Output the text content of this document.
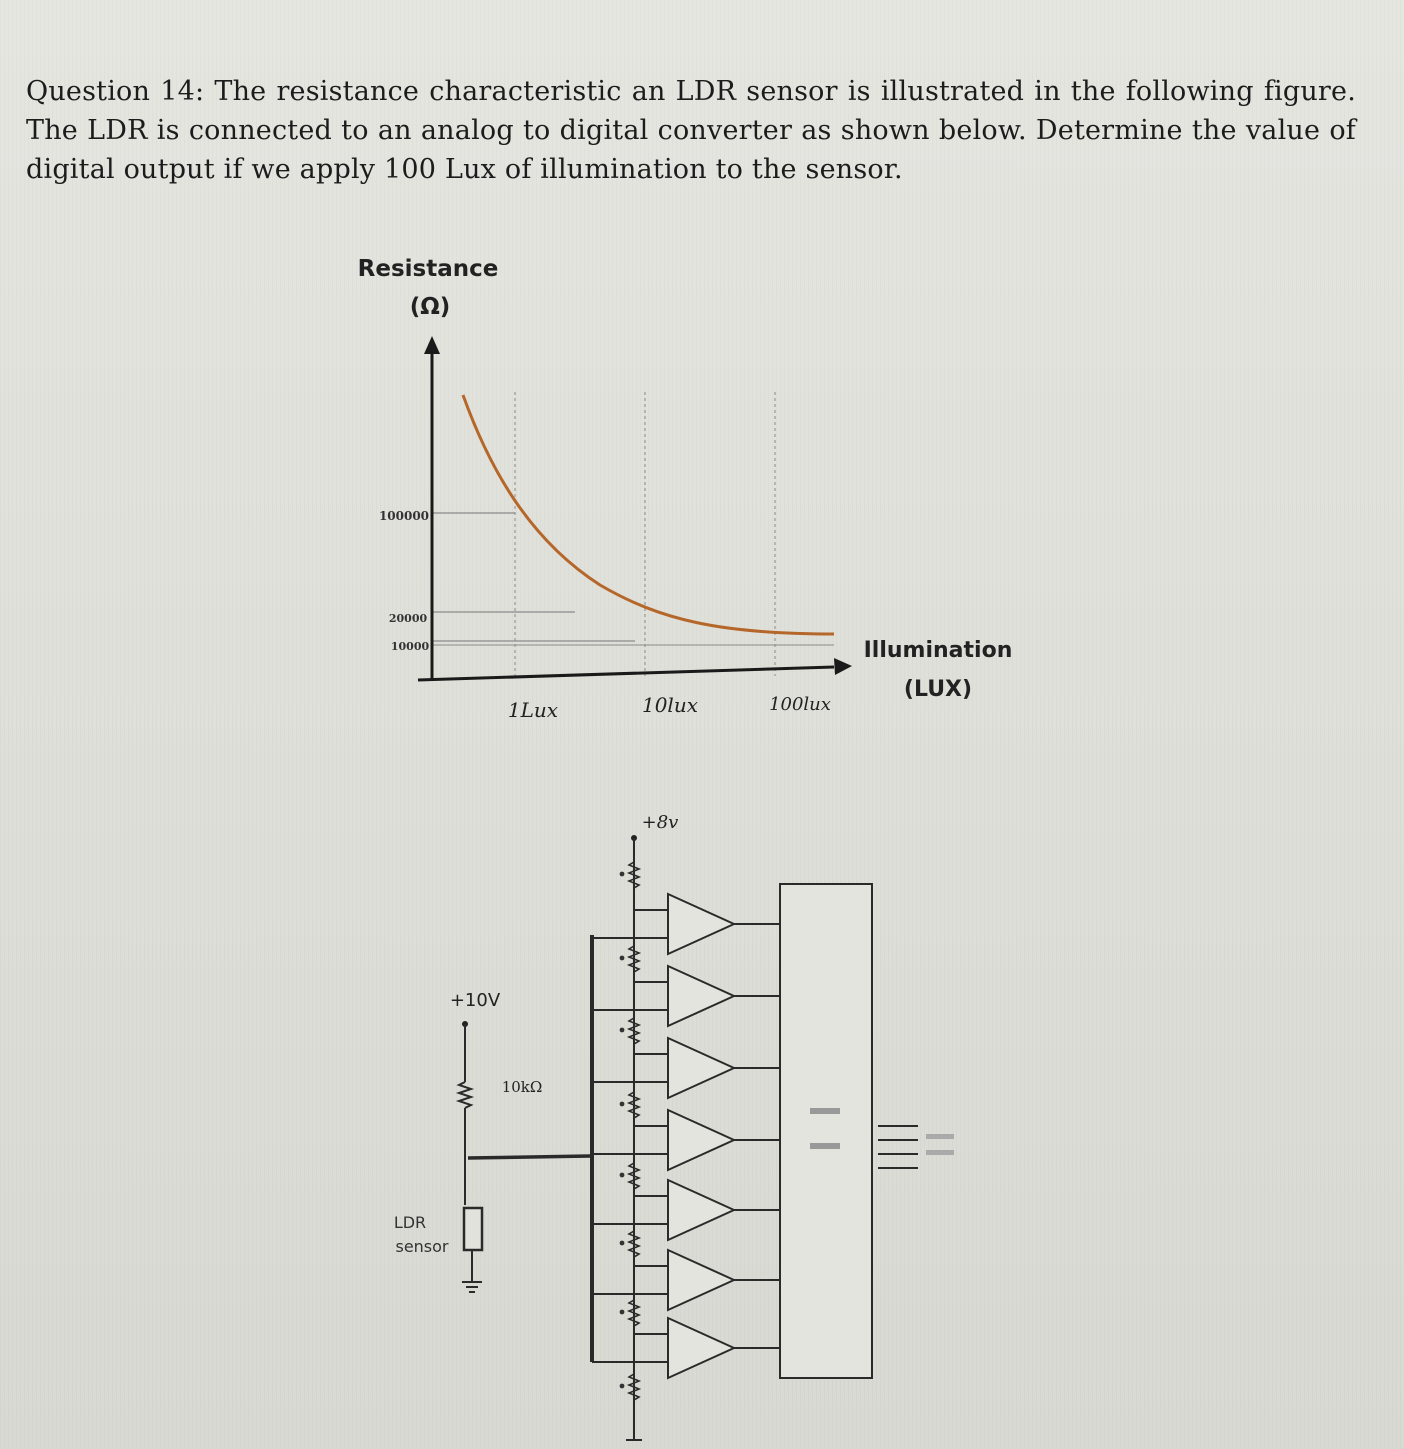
Question 14: The resistance characteristic an LDR sensor is illustrated in the following figure. The LDR is connected to an analog to digital converter as shown below. Determine the value of digital output if we apply 100 Lux of illumination to the sensor.
Resistance
(Ω)
Illumination
(LUX)
1Lux	10lux	100lux
100000
20000
10000
+10V
10kΩ
LDR
sensor
+8v
